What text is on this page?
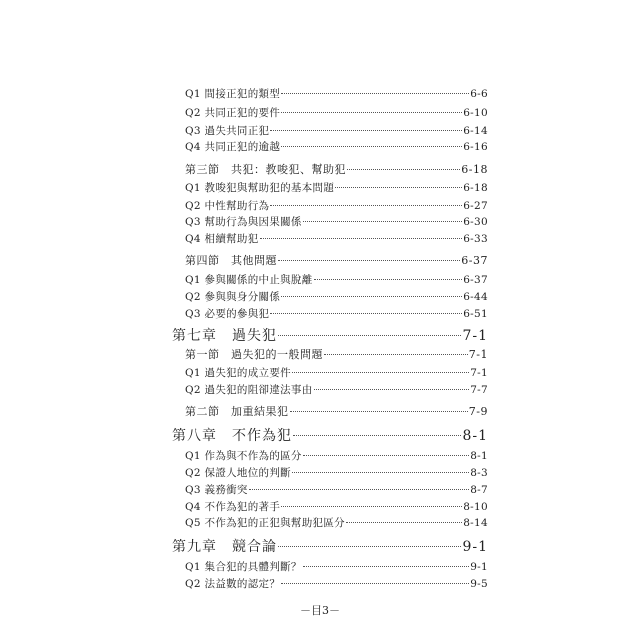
Q1 間接正犯的類型	6-6
Q2 共同正犯的要件	6-10
Q3 過失共同正犯	6-14
Q4 共同正犯的逾越	6-16
第三節　共犯：教唆犯、幫助犯	6-18
Q1 教唆犯與幫助犯的基本問題	6-18
Q2 中性幫助行為	6-27
Q3 幫助行為與因果關係	6-30
Q4 相續幫助犯	6-33
第四節　其他問題	6-37
Q1 參與關係的中止與脫離	6-37
Q2 參與與身分關係	6-44
Q3 必要的參與犯	6-51
第七章　過失犯	7-1
第一節　過失犯的一般問題	7-1
Q1 過失犯的成立要件	7-1
Q2 過失犯的阻卻違法事由	7-7
第二節　加重結果犯	7-9
第八章　不作為犯	8-1
Q1 作為與不作為的區分	8-1
Q2 保證人地位的判斷	8-3
Q3 義務衝突	8-7
Q4 不作為犯的著手	8-10
Q5 不作為犯的正犯與幫助犯區分	8-14
第九章　競合論	9-1
Q1 集合犯的具體判斷？	9-1
Q2 法益數的認定？	9-5
－目3－
